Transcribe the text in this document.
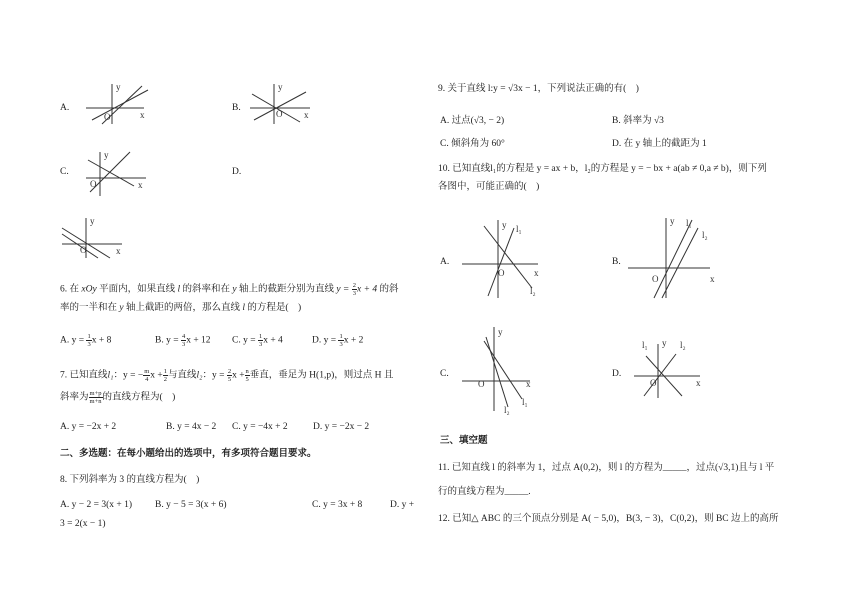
A.
x
y
O
B.
x
y
O
C.
x
y
O
D.
x
y
O
6. 在 xOy 平面内，如果直线 l 的斜率和在 y 轴上的截距分别为直线 $y = \frac{2}{3}$ x + 4 的斜
率的一半和在 y 轴上截距的两倍，那么直线 l 的方程是(　)
A. $y = \frac{1}{3}$ x + 8	B. $y = \frac{4}{3}$ x + 12 C. $y = \frac{1}{3}$ x + 4	D. $y = \frac{1}{3}$ x + 2
7. 已知直线l₁：y = − $\frac{m}{4}$ $x + \frac{1}{2}$ 与直线l₂：$y = \frac{2}{5}$ $x + \frac{n}{5}$ 垂直，垂足为 H(1,p)，则过点 H 且
斜率为 $\frac{m+p}{m+n}$ 的直线方程为(　)
A. y = −2x + 2	B. y = 4x − 2 C. y = −4x + 2	D. y = −2x − 2
二、多选题：在每小题给出的选项中，有多项符合题目要求。
8. 下列斜率为 3 的直线方程为(　)
A. y − 2 = 3(x + 1) B. y − 5 = 3(x + 6)	C. y = 3x + 8	D. y +
3 = 2(x − 1)
9. 关于直线 l:y = √3x − 1，下列说法正确的有(　)
A. 过点(√3, − 2)	B. 斜率为 √3
C. 倾斜角为 60°	D. 在 y 轴上的截距为 1
10. 已知直线l₁的方程是 y = ax + b，l₂的方程是 y = − bx + a(ab ≠ 0,a ≠ b)，则下列
各图中，可能正确的(　)
A.
x
y
O
l₁
l₂
B.
x
y
O
l₁
l₂
C.
x
y
O
l₁
l₂
D.
x
y
O
l₁	l₂
三、填空题
11. 已知直线 l 的斜率为 1，过点 A(0,2)，则 l 的方程为_____，过点(√3,1)且与 l 平
行的直线方程为_____.
12. 已知△ ABC 的三个顶点分别是 A( − 5,0)，B(3, − 3)，C(0,2)，则 BC 边上的高所
